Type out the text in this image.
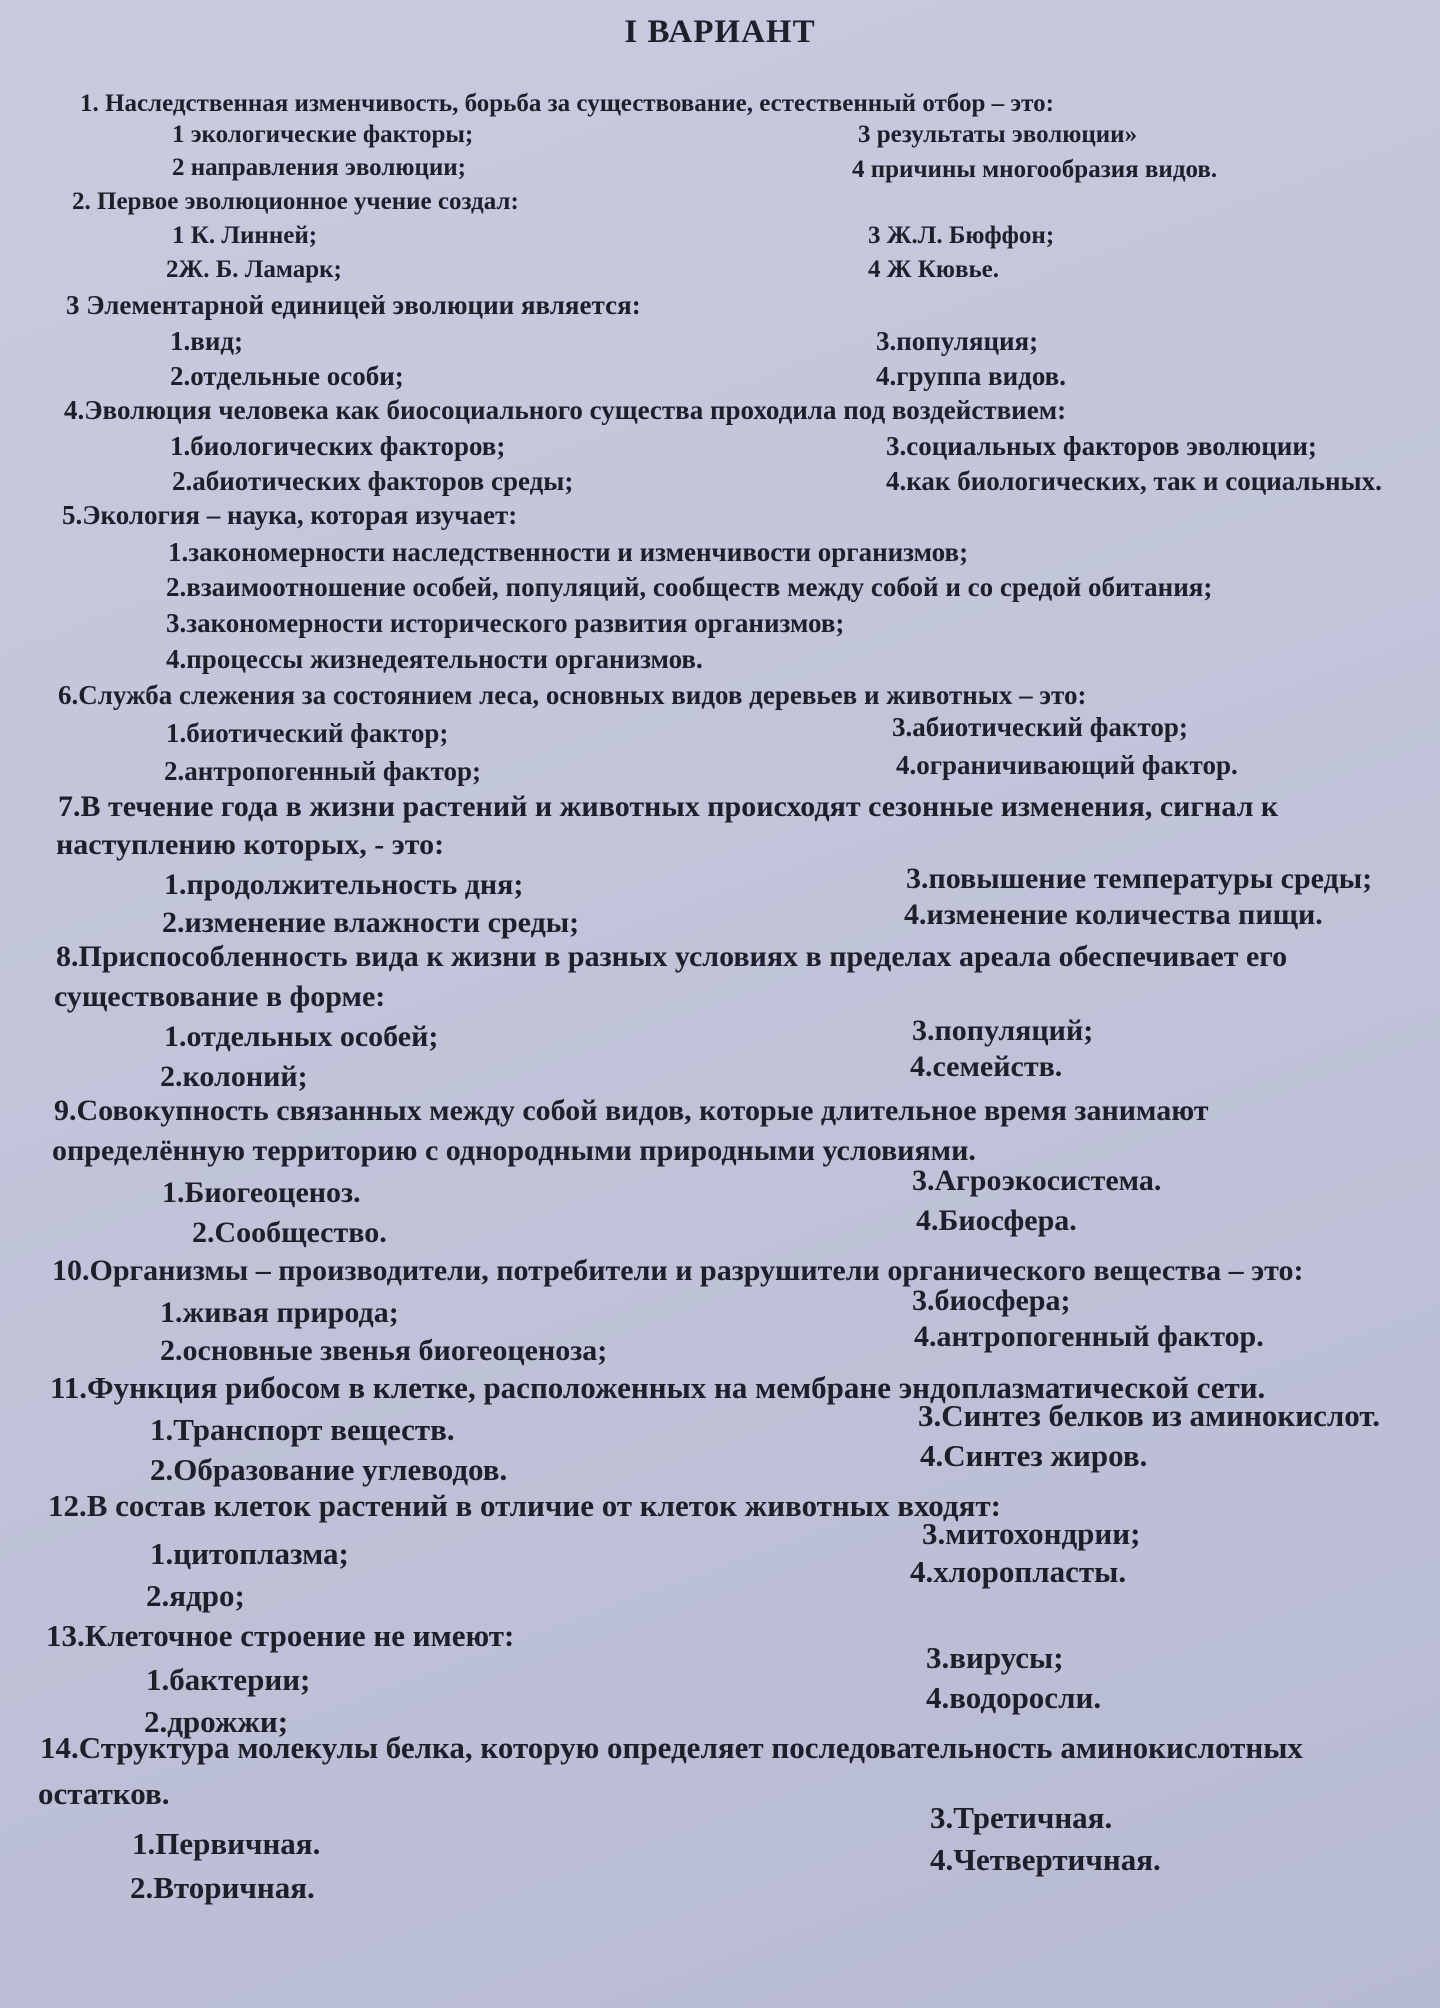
I ВАРИАНТ
1. Наследственная изменчивость, борьба за существование, естественный отбор – это:
1 экологические факторы;
2 направления эволюции;
3 результаты эволюции»
4 причины многообразия видов.
2. Первое эволюционное учение создал:
1 К. Линней;
2Ж. Б. Ламарк;
3 Ж.Л. Бюффон;
4 Ж Кювье.
3 Элементарной единицей эволюции является:
1.вид;
2.отдельные особи;
3.популяция;
4.группа видов.
4.Эволюция человека как биосоциального существа проходила под воздействием:
1.биологических факторов;
2.абиотических факторов среды;
3.социальных факторов эволюции;
4.как биологических, так и социальных.
5.Экология – наука, которая изучает:
1.закономерности наследственности и изменчивости организмов;
2.взаимоотношение особей, популяций, сообществ между собой и со средой обитания;
3.закономерности исторического развития организмов;
4.процессы жизнедеятельности организмов.
6.Служба слежения за состоянием леса, основных видов деревьев и животных – это:
1.биотический фактор;
2.антропогенный фактор;
3.абиотический фактор;
4.ограничивающий фактор.
7.В течение года в жизни растений и животных происходят сезонные изменения, сигнал к
наступлению которых, - это:
1.продолжительность дня;
2.изменение влажности среды;
3.повышение температуры среды;
4.изменение количества пищи.
8.Приспособленность вида к жизни в разных условиях в пределах ареала обеспечивает его
существование в форме:
1.отдельных особей;
2.колоний;
3.популяций;
4.семейств.
9.Совокупность связанных между собой видов, которые длительное время занимают
определённую территорию с однородными природными условиями.
1.Биогеоценоз.
2.Сообщество.
3.Агроэкосистема.
4.Биосфера.
10.Организмы – производители, потребители и разрушители органического вещества – это:
1.живая природа;
2.основные звенья биогеоценоза;
3.биосфера;
4.антропогенный фактор.
11.Функция рибосом в клетке, расположенных на мембране эндоплазматической сети.
1.Транспорт веществ.
2.Образование углеводов.
3.Синтез белков из аминокислот.
4.Синтез жиров.
12.В состав клеток растений в отличие от клеток животных входят:
1.цитоплазма;
2.ядро;
3.митохондрии;
4.хлоропласты.
13.Клеточное строение не имеют:
1.бактерии;
2.дрожжи;
3.вирусы;
4.водоросли.
14.Структура молекулы белка, которую определяет последовательность аминокислотных
остатков.
1.Первичная.
2.Вторичная.
3.Третичная.
4.Четвертичная.
